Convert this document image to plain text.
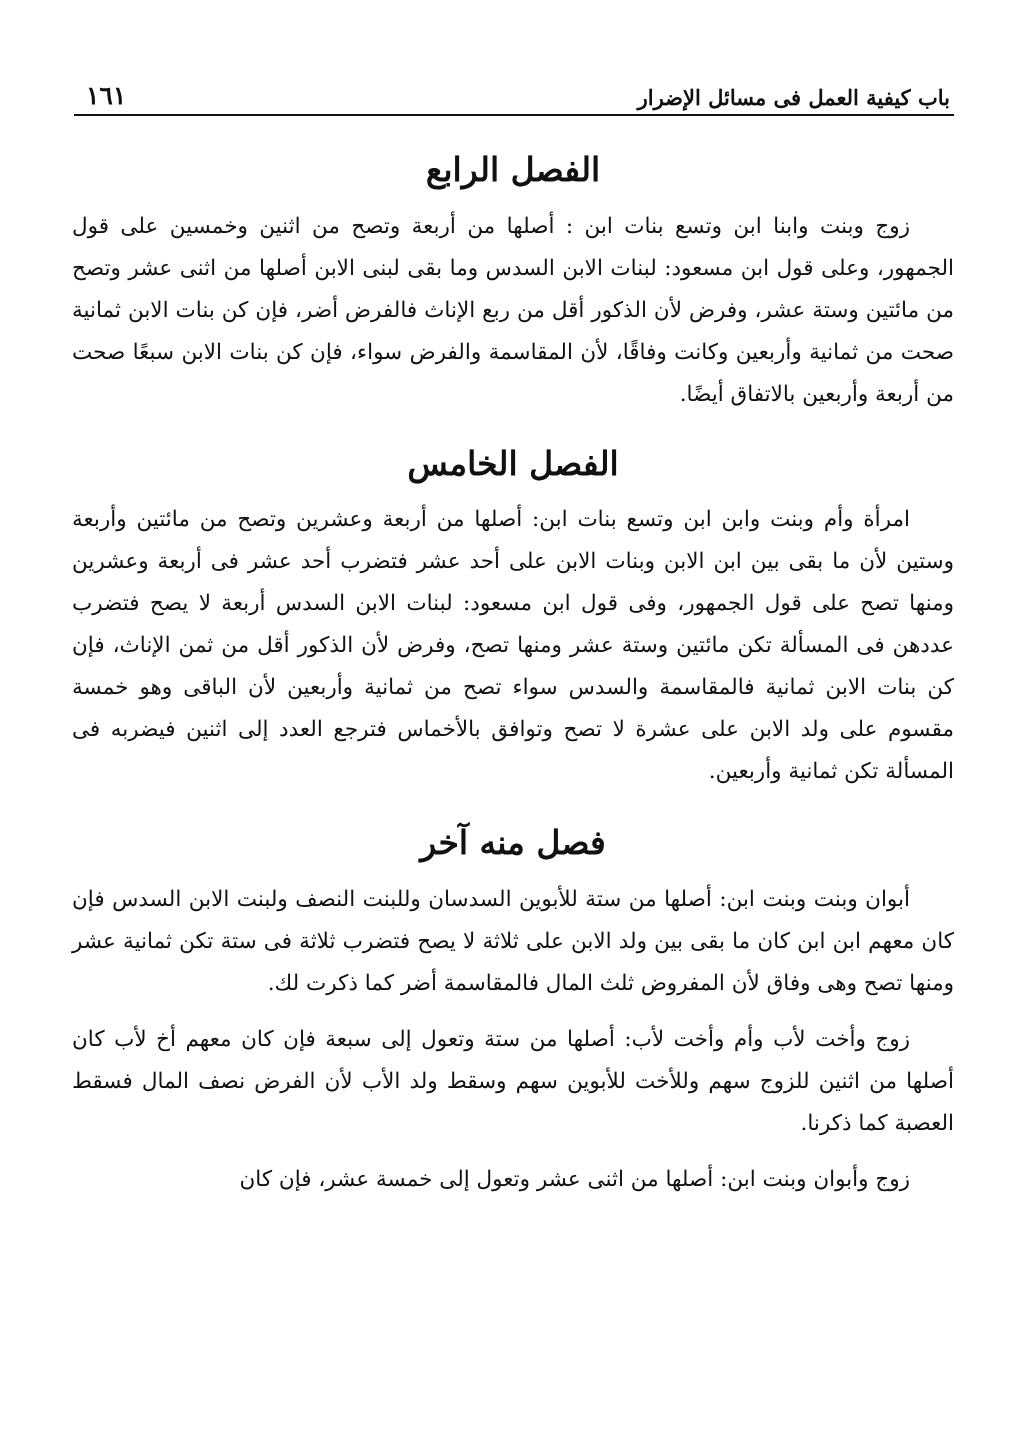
باب كيفية العمل فى مسائل الإضرار
١٦١
الفصل الرابع

زوج وبنت وابنا ابن وتسع بنات ابن : أصلها من أربعة وتصح من اثنين وخمسين على قول الجمهور، وعلى قول ابن مسعود: لبنات الابن السدس وما بقى لبنى الابن أصلها من اثنى عشر وتصح من مائتين وستة عشر، وفرض لأن الذكور أقل من ربع الإناث فالفرض أضر، فإن كن بنات الابن ثمانية صحت من ثمانية وأربعين وكانت وفاقًا، لأن المقاسمة والفرض سواء، فإن كن بنات الابن سبعًا صحت من أربعة وأربعين بالاتفاق أيضًا.

الفصل الخامس

امرأة وأم وبنت وابن ابن وتسع بنات ابن: أصلها من أربعة وعشرين وتصح من مائتين وأربعة وستين لأن ما بقى بين ابن الابن وبنات الابن على أحد عشر فتضرب أحد عشر فى أربعة وعشرين ومنها تصح على قول الجمهور، وفى قول ابن مسعود: لبنات الابن السدس أربعة لا يصح فتضرب عددهن فى المسألة تكن مائتين وستة عشر ومنها تصح، وفرض لأن الذكور أقل من ثمن الإناث، فإن كن بنات الابن ثمانية فالمقاسمة والسدس سواء تصح من ثمانية وأربعين لأن الباقى وهو خمسة مقسوم على ولد الابن على عشرة لا تصح وتوافق بالأخماس فترجع العدد إلى اثنين فيضربه فى المسألة تكن ثمانية وأربعين.

فصل منه آخر

أبوان وبنت وبنت ابن: أصلها من ستة للأبوين السدسان وللبنت النصف ولبنت الابن السدس فإن كان معهم ابن ابن كان ما بقى بين ولد الابن على ثلاثة لا يصح فتضرب ثلاثة فى ستة تكن ثمانية عشر ومنها تصح وهى وفاق لأن المفروض ثلث المال فالمقاسمة أضر كما ذكرت لك.

زوج وأخت لأب وأم وأخت لأب: أصلها من ستة وتعول إلى سبعة فإن كان معهم أخ لأب كان أصلها من اثنين للزوج سهم وللأخت للأبوين سهم وسقط ولد الأب لأن الفرض نصف المال فسقط العصبة كما ذكرنا.

زوج وأبوان وبنت ابن: أصلها من اثنى عشر وتعول إلى خمسة عشر، فإن كان
